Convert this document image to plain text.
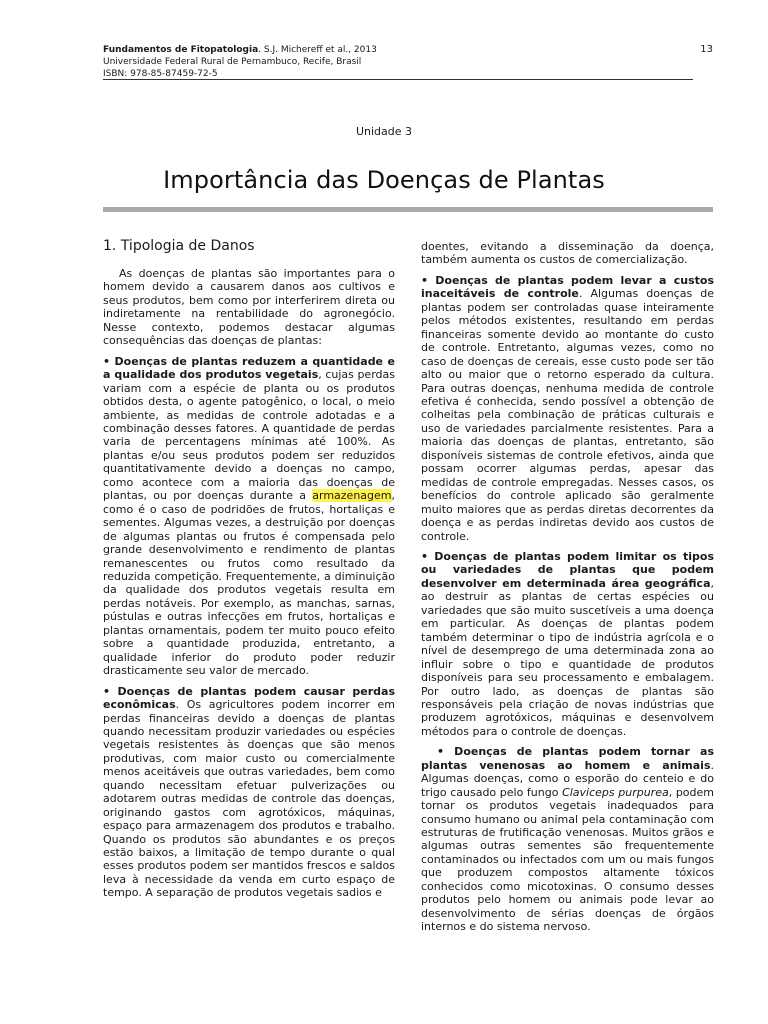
Fundamentos de Fitopatologia. S.J. Michereff et al., 2013
Universidade Federal Rural de Pernambuco, Recife, Brasil
ISBN: 978-85-87459-72-5
13
Unidade 3
Importância das Doenças de Plantas
1. Tipologia de Danos

As doenças de plantas são importantes para o homem devido a causarem danos aos cultivos e seus produtos, bem como por interferirem direta ou indiretamente na rentabilidade do agronegócio. Nesse contexto, podemos destacar algumas consequências das doenças de plantas:

• Doenças de plantas reduzem a quantidade e a qualidade dos produtos vegetais, cujas perdas variam com a espécie de planta ou os produtos obtidos desta, o agente patogênico, o local, o meio ambiente, as medidas de controle adotadas e a combinação desses fatores. A quantidade de perdas varia de percentagens mínimas até 100%. As plantas e/ou seus produtos podem ser reduzidos quantitativamente devido a doenças no campo, como acontece com a maioria das doenças de plantas, ou por doenças durante a armazenagem, como é o caso de podridões de frutos, hortaliças e sementes. Algumas vezes, a destruição por doenças de algumas plantas ou frutos é compensada pelo grande desenvolvimento e rendimento de plantas remanescentes ou frutos como resultado da reduzida competição. Frequentemente, a diminuição da qualidade dos produtos vegetais resulta em perdas notáveis. Por exemplo, as manchas, sarnas, pústulas e outras infecções em frutos, hortaliças e plantas ornamentais, podem ter muito pouco efeito sobre a quantidade produzida, entretanto, a qualidade inferior do produto poder reduzir drasticamente seu valor de mercado.

• Doenças de plantas podem causar perdas econômicas. Os agricultores podem incorrer em perdas financeiras devido a doenças de plantas quando necessitam produzir variedades ou espécies vegetais resistentes às doenças que são menos produtivas, com maior custo ou comercialmente menos aceitáveis que outras variedades, bem como quando necessitam efetuar pulverizações ou adotarem outras medidas de controle das doenças, originando gastos com agrotóxicos, máquinas, espaço para armazenagem dos produtos e trabalho. Quando os produtos são abundantes e os preços estão baixos, a limitação de tempo durante o qual esses produtos podem ser mantidos frescos e saldos leva à necessidade da venda em curto espaço de tempo. A separação de produtos vegetais sadios e

doentes, evitando a disseminação da doença, também aumenta os custos de comercialização.

• Doenças de plantas podem levar a custos inaceitáveis de controle. Algumas doenças de plantas podem ser controladas quase inteiramente pelos métodos existentes, resultando em perdas financeiras somente devido ao montante do custo de controle. Entretanto, algumas vezes, como no caso de doenças de cereais, esse custo pode ser tão alto ou maior que o retorno esperado da cultura. Para outras doenças, nenhuma medida de controle efetiva é conhecida, sendo possível a obtenção de colheitas pela combinação de práticas culturais e uso de variedades parcialmente resistentes. Para a maioria das doenças de plantas, entretanto, são disponíveis sistemas de controle efetivos, ainda que possam ocorrer algumas perdas, apesar das medidas de controle empregadas. Nesses casos, os benefícios do controle aplicado são geralmente muito maiores que as perdas diretas decorrentes da doença e as perdas indiretas devido aos custos de controle.

• Doenças de plantas podem limitar os tipos ou variedades de plantas que podem desenvolver em determinada área geográfica, ao destruir as plantas de certas espécies ou variedades que são muito suscetíveis a uma doença em particular. As doenças de plantas podem também determinar o tipo de indústria agrícola e o nível de desemprego de uma determinada zona ao influir sobre o tipo e quantidade de produtos disponíveis para seu processamento e embalagem. Por outro lado, as doenças de plantas são responsáveis pela criação de novas indústrias que produzem agrotóxicos, máquinas e desenvolvem métodos para o controle de doenças.

• Doenças de plantas podem tornar as plantas venenosas ao homem e animais. Algumas doenças, como o esporão do centeio e do trigo causado pelo fungo Claviceps purpurea, podem tornar os produtos vegetais inadequados para consumo humano ou animal pela contaminação com estruturas de frutificação venenosas. Muitos grãos e algumas outras sementes são frequentemente contaminados ou infectados com um ou mais fungos que produzem compostos altamente tóxicos conhecidos como micotoxinas. O consumo desses produtos pelo homem ou animais pode levar ao desenvolvimento de sérias doenças de órgãos internos e do sistema nervoso.
